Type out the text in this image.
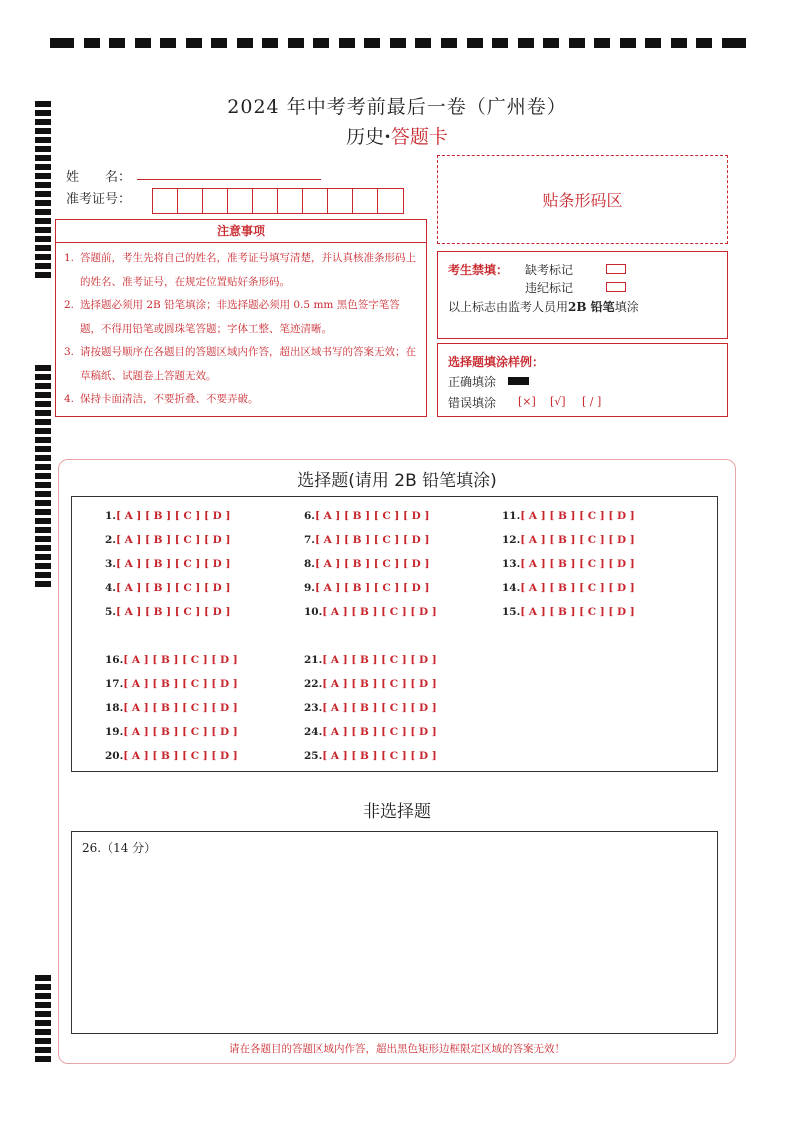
2024 年中考考前最后一卷（广州卷）
历史·答题卡
姓　　名：
准考证号：	贴条形码区
注意事项
1. 答题前，考生先将自己的姓名，准考证号填写清楚，并认真核准条形码上的姓名、准考证号，在规定位置贴好条形码。
2. 选择题必须用 2B 铅笔填涂；非选择题必须用 0.5 mm 黑色签字笔答题，不得用铅笔或圆珠笔答题；字体工整、笔迹清晰。
3. 请按题号顺序在各题目的答题区域内作答，超出区域书写的答案无效；在草稿纸、试题卷上答题无效。
4. 保持卡面清洁，不要折叠、不要弄破。
考生禁填： 缺考标记
违纪标记
以上标志由监考人员用2B 铅笔填涂
选择题填涂样例：
正确填涂
错误填涂 [×] [√] [ / ]
选择题(请用 2B 铅笔填涂)
1.[ A ] [ B ] [ C ] [ D ]
2.[ A ] [ B ] [ C ] [ D ]
3.[ A ] [ B ] [ C ] [ D ]
4.[ A ] [ B ] [ C ] [ D ]
5.[ A ] [ B ] [ C ] [ D ]
6.[ A ] [ B ] [ C ] [ D ]
7.[ A ] [ B ] [ C ] [ D ]
8.[ A ] [ B ] [ C ] [ D ]
9.[ A ] [ B ] [ C ] [ D ]
10.[ A ] [ B ] [ C ] [ D ]
11.[ A ] [ B ] [ C ] [ D ]
12.[ A ] [ B ] [ C ] [ D ]
13.[ A ] [ B ] [ C ] [ D ]
14.[ A ] [ B ] [ C ] [ D ]
15.[ A ] [ B ] [ C ] [ D ]
16.[ A ] [ B ] [ C ] [ D ]
17.[ A ] [ B ] [ C ] [ D ]
18.[ A ] [ B ] [ C ] [ D ]
19.[ A ] [ B ] [ C ] [ D ]
20.[ A ] [ B ] [ C ] [ D ]
21.[ A ] [ B ] [ C ] [ D ]
22.[ A ] [ B ] [ C ] [ D ]
23.[ A ] [ B ] [ C ] [ D ]
24.[ A ] [ B ] [ C ] [ D ]
25.[ A ] [ B ] [ C ] [ D ]
非选择题
26.（14 分）
请在各题目的答题区域内作答，超出黑色矩形边框限定区域的答案无效！
